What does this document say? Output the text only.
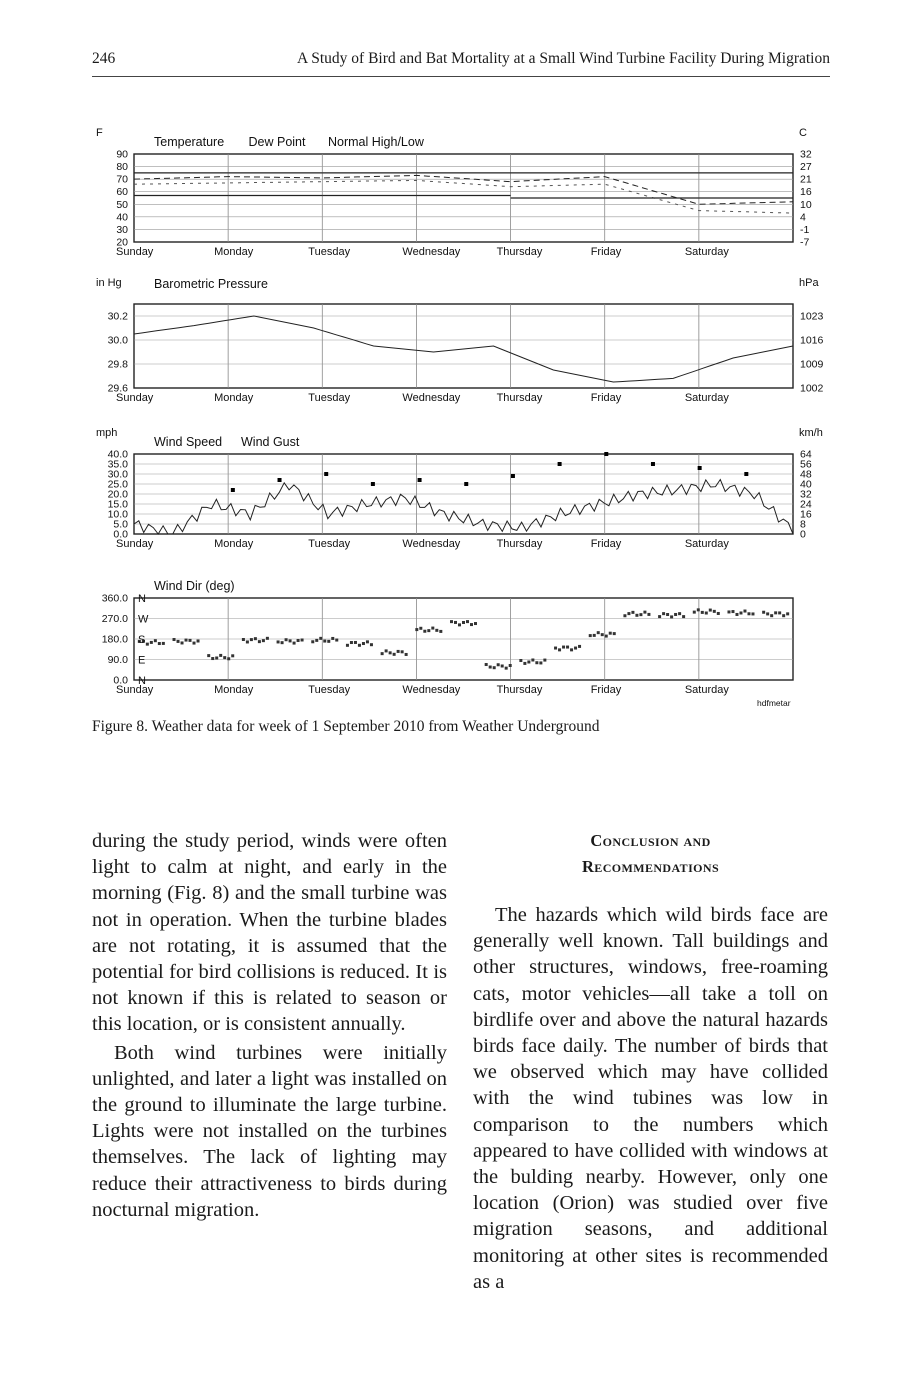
246	A Study of Bird and Bat Mortality at a Small Wind Turbine Facility During Migration
90	32
80	27
70	21
60	16
50	10
40	4
30	-1
20	-7
F	C
Temperature Dew Point Normal High/Low
Sunday	Monday	Tuesday	Wednesday	Thursday	Friday	Saturday
30.2	1023
30.0	1016
29.8	1009
29.6	1002
in Hg	hPa
Barometric Pressure
Sunday	Monday	Tuesday	Wednesday	Thursday	Friday	Saturday
40.0	64
35.0	56
30.0	48
25.0	40
20.0	32
15.0	24
10.0	16
5.0	8
0.0	0
mph	km/h
Wind Speed Wind Gust
Sunday	Monday	Tuesday	Wednesday	Thursday	Friday	Saturday
360.0 N
270.0 W
180.0 S
90.0 E
0.0 N
Wind Dir (deg)
Sunday	Monday	Tuesday	Wednesday	Thursday	Friday	Saturday
hdfmetar
Figure 8. Weather data for week of 1 September 2010 from Weather Underground

during the study period, winds were often light to calm at night, and early in the morning (Fig. 8) and the small turbine was not in operation. When the turbine blades are not rotating, it is assumed that the potential for bird collisions is reduced. It is not known if this is related to season or this location, or is consistent annually.

Both wind turbines were initially unlighted, and later a light was installed on the ground to illuminate the large turbine. Lights were not installed on the turbines themselves. The lack of lighting may reduce their attractiveness to birds during nocturnal migration.

Conclusion and
Recommendations

The hazards which wild birds face are generally well known. Tall buildings and other structures, windows, free-roaming cats, motor vehicles—all take a toll on birdlife over and above the natural hazards birds face daily. The number of birds that we observed which may have collided with the wind tubines was low in comparison to the numbers which appeared to have collided with windows at the bulding nearby. However, only one location (Orion) was studied over five migration seasons, and additional monitoring at other sites is recommended as a
